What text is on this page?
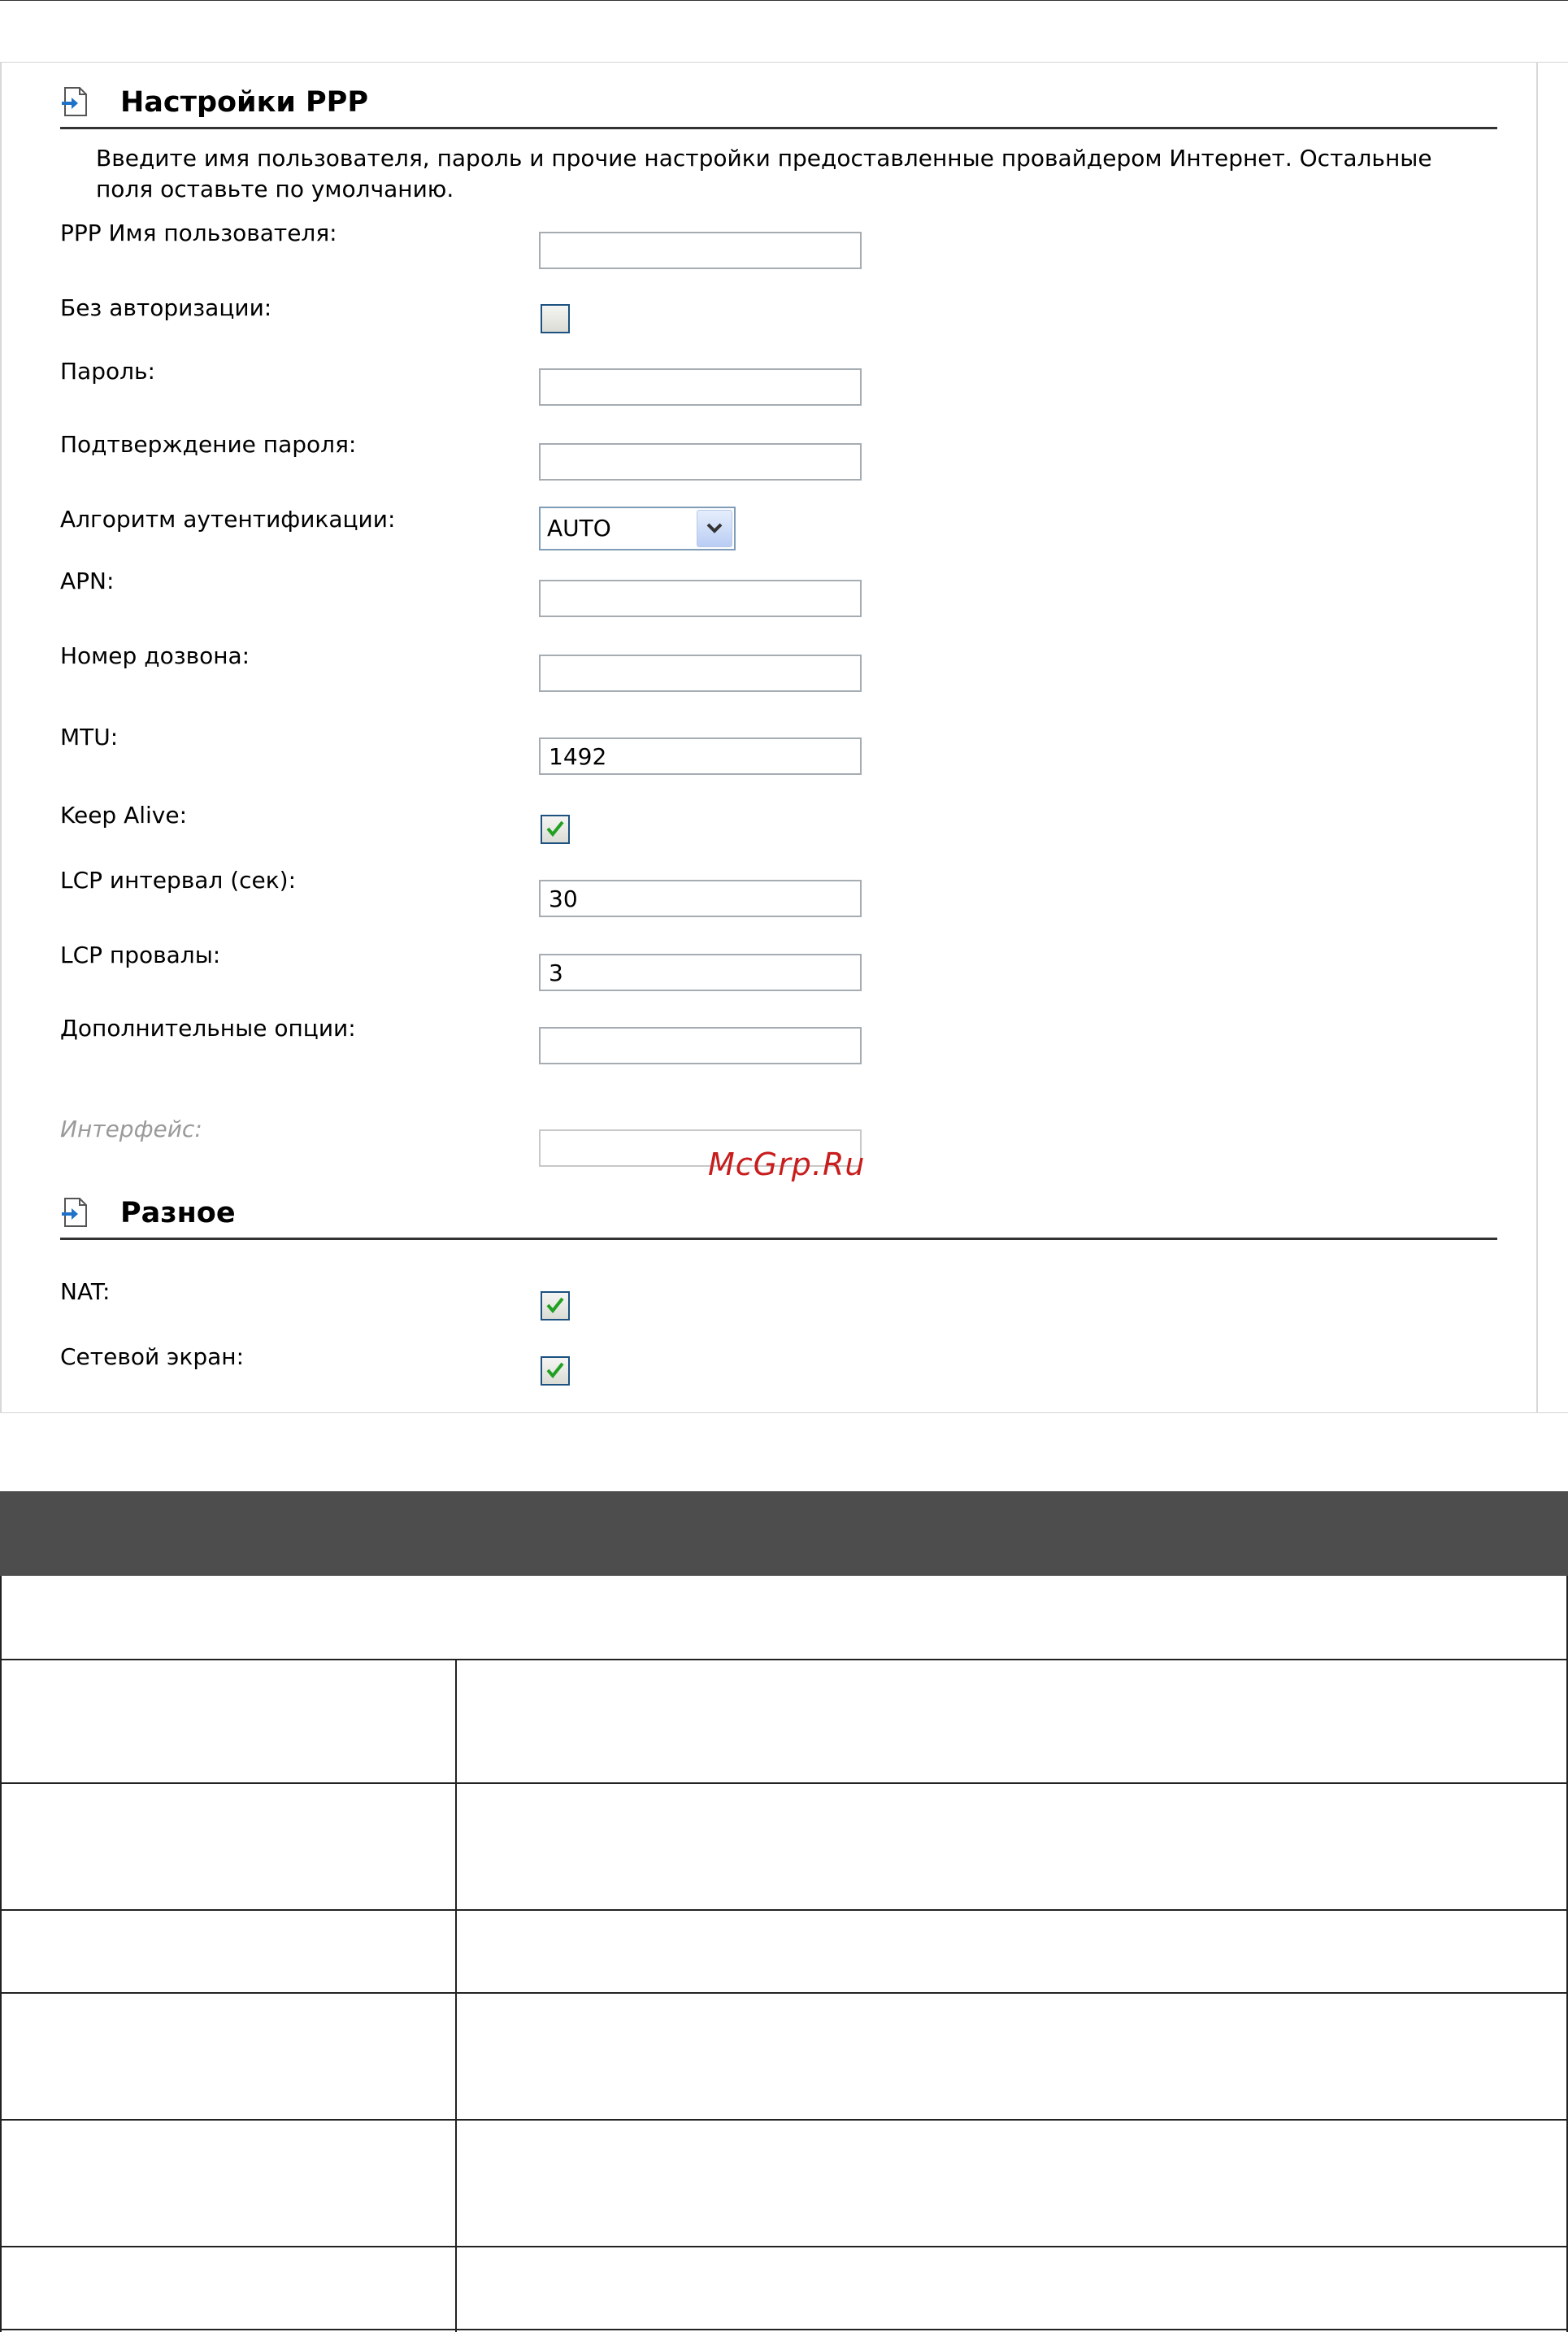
Настройки PPP
Введите имя пользователя, пароль и прочие настройки предоставленные провайдером Интернет. Остальные поля оставьте по умолчанию.
PPP Имя пользователя:
Без авторизации:
Пароль:
Подтверждение пароля:
Алгоритм аутентификации:	AUTO
APN:
Номер дозвона:
MTU:
1492
Keep Alive:
LCP интервал (сек):
30
LCP провалы:
3
Дополнительные опции:
Интерфейс:
McGrp.Ru
Разное
NAT:
Сетевой экран:
